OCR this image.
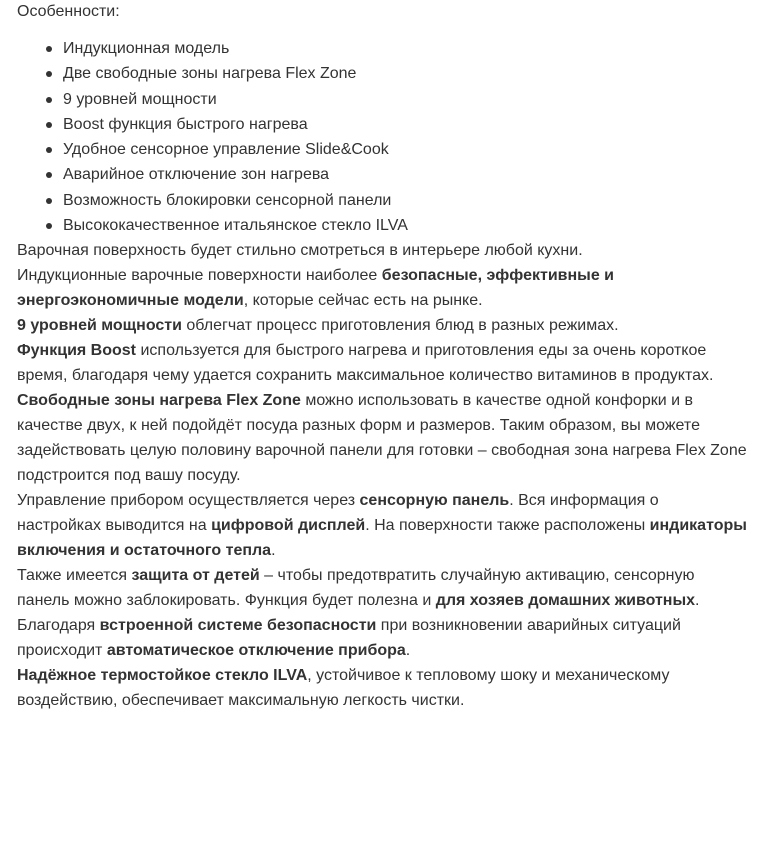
Особенности:

Индукционная модель
Две свободные зоны нагрева Flex Zone
9 уровней мощности
Boost функция быстрого нагрева
Удобное сенсорное управление Slide&Cook
Аварийное отключение зон нагрева
Возможность блокировки сенсорной панели
Высококачественное итальянское стекло ILVA

Варочная поверхность будет стильно смотреться в интерьере любой кухни.

Индукционные варочные поверхности наиболее безопасные, эффективные и энергоэкономичные модели, которые сейчас есть на рынке.

9 уровней мощности облегчат процесс приготовления блюд в разных режимах.

Функция Boost используется для быстрого нагрева и приготовления еды за очень короткое время, благодаря чему удается сохранить максимальное количество витаминов в продуктах.

Свободные зоны нагрева Flex Zone можно использовать в качестве одной конфорки и в качестве двух, к ней подойдёт посуда разных форм и размеров. Таким образом, вы можете задействовать целую половину варочной панели для готовки – свободная зона нагрева Flex Zone подстроится под вашу посуду.

Управление прибором осуществляется через сенсорную панель. Вся информация о настройках выводится на цифровой дисплей. На поверхности также расположены индикаторы включения и остаточного тепла.

Также имеется защита от детей – чтобы предотвратить случайную активацию, сенсорную панель можно заблокировать. Функция будет полезна и для хозяев домашних животных.

Благодаря встроенной системе безопасности при возникновении аварийных ситуаций происходит автоматическое отключение прибора.

Надёжное термостойкое стекло ILVA, устойчивое к тепловому шоку и механическому воздействию, обеспечивает максимальную легкость чистки.
